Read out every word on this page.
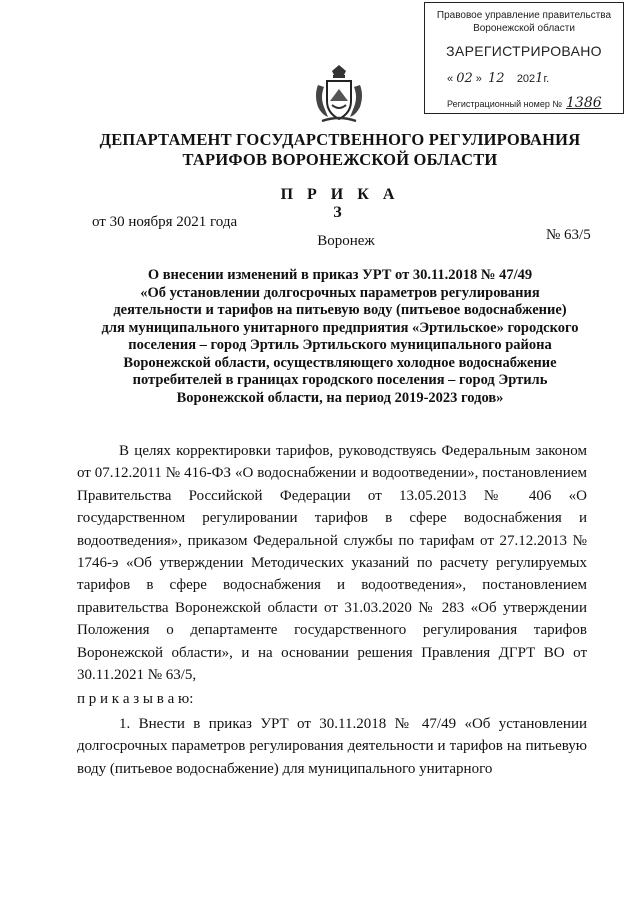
Правовое управление правительства
Воронежской области
ЗАРЕГИСТРИРОВАНО
« 02 »  12 2021г.
Регистрационный номер № 1386
ДЕПАРТАМЕНТ ГОСУДАРСТВЕННОГО РЕГУЛИРОВАНИЯ
ТАРИФОВ ВОРОНЕЖСКОЙ ОБЛАСТИ
П Р И К А З
от 30 ноября 2021 года
№ 63/5
Воронеж
О внесении изменений в приказ УРТ от 30.11.2018 № 47/49
«Об установлении долгосрочных параметров регулирования
деятельности и тарифов на питьевую воду (питьевое водоснабжение)
для муниципального унитарного предприятия «Эртильское» городского
поселения – город Эртиль Эртильского муниципального района
Воронежской области, осуществляющего холодное водоснабжение
потребителей в границах городского поселения – город Эртиль
Воронежской области, на период 2019-2023 годов»

В целях корректировки тарифов, руководствуясь Федеральным законом от 07.12.2011 № 416-ФЗ «О водоснабжении и водоотведении», постановлением Правительства Российской Федерации от 13.05.2013 № 406 «О государственном регулировании тарифов в сфере водоснабжения и водоотведения», приказом Федеральной службы по тарифам от 27.12.2013 № 1746-э «Об утверждении Методических указаний по расчету регулируемых тарифов в сфере водоснабжения и водоотведения», постановлением правительства Воронежской области от 31.03.2020 № 283 «Об утверждении Положения о департаменте государственного регулирования тарифов Воронежской области», и на основании решения Правления ДГРТ ВО от 30.11.2021 № 63/5,

п р и к а з ы в а ю:

1. Внести в приказ УРТ от 30.11.2018 № 47/49 «Об установлении долгосрочных параметров регулирования деятельности и тарифов на питьевую воду (питьевое водоснабжение) для муниципального унитарного
